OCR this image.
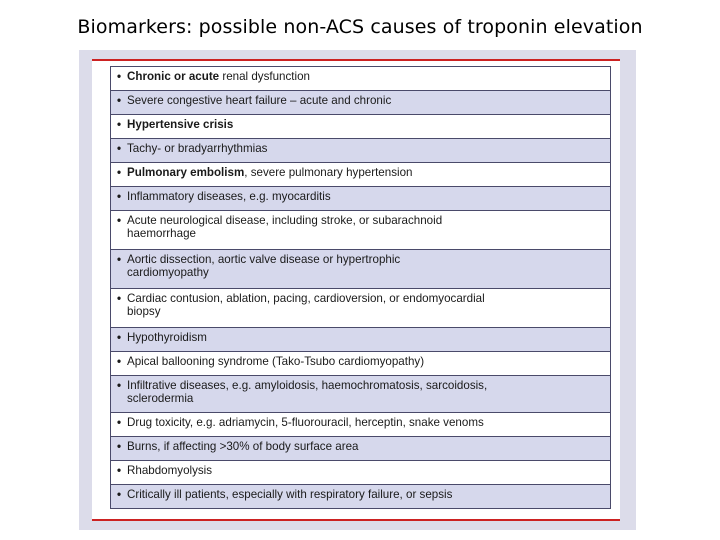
Biomarkers: possible non-ACS causes of troponin elevation
• Chronic or acute renal dysfunction
• Severe congestive heart failure – acute and chronic
• Hypertensive crisis
• Tachy- or bradyarrhythmias
• Pulmonary embolism, severe pulmonary hypertension
• Inflammatory diseases, e.g. myocarditis
• Acute neurological disease, including stroke, or subarachnoid
haemorrhage
• Aortic dissection, aortic valve disease or hypertrophic
cardiomyopathy
• Cardiac contusion, ablation, pacing, cardioversion, or endomyocardial
biopsy
• Hypothyroidism
• Apical ballooning syndrome (Tako-Tsubo cardiomyopathy)
• Infiltrative diseases, e.g. amyloidosis, haemochromatosis, sarcoidosis,
sclerodermia
• Drug toxicity, e.g. adriamycin, 5-fluorouracil, herceptin, snake venoms
• Burns, if affecting >30% of body surface area
• Rhabdomyolysis
• Critically ill patients, especially with respiratory failure, or sepsis
